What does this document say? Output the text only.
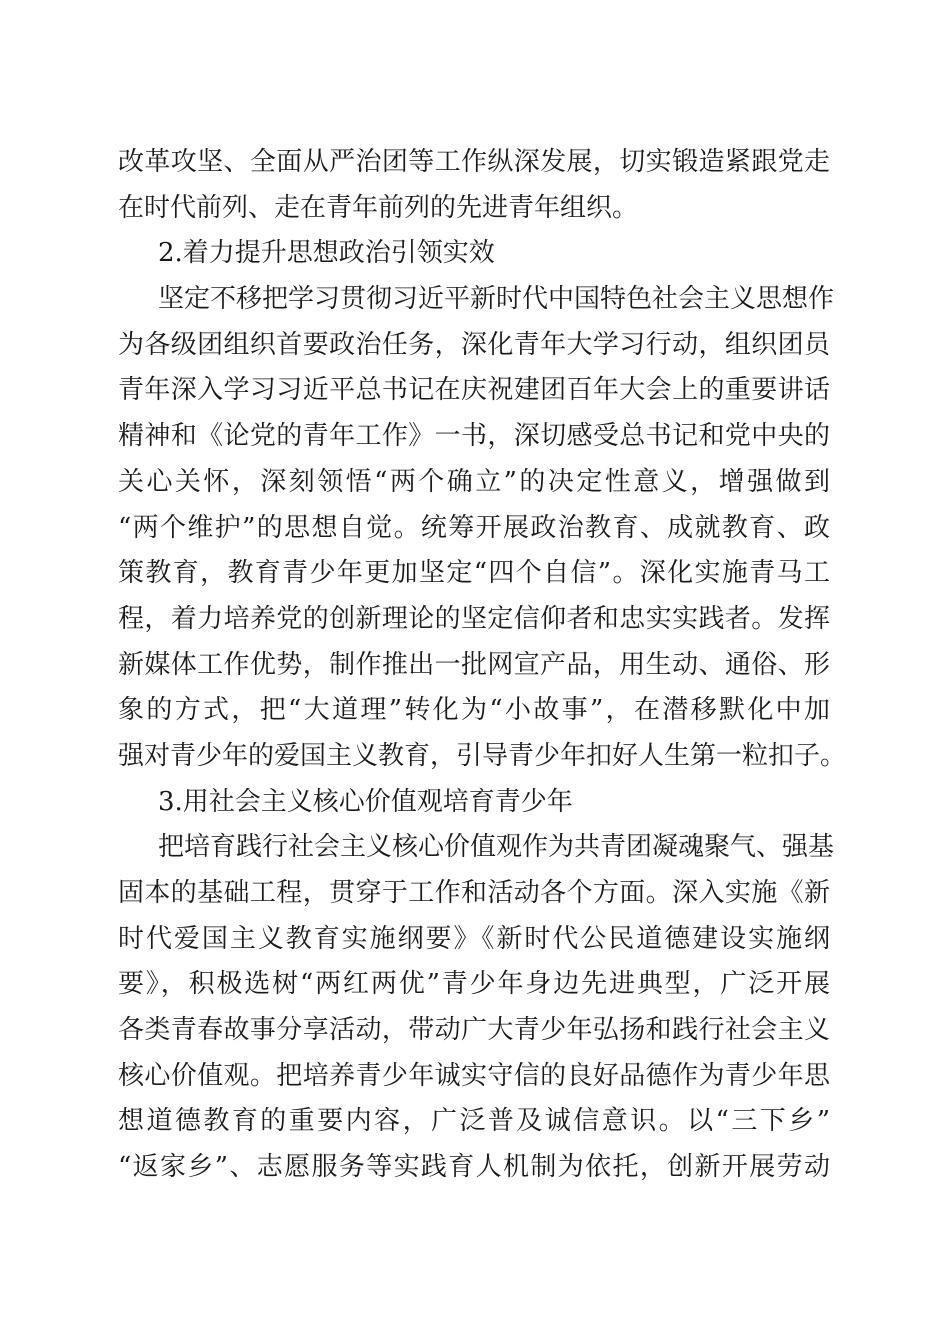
改革攻坚、全面从严治团等工作纵深发展，切实锻造紧跟党走
在时代前列、走在青年前列的先进青年组织。
2.着力提升思想政治引领实效
坚定不移把学习贯彻习近平新时代中国特色社会主义思想作
为各级团组织首要政治任务，深化青年大学习行动，组织团员
青年深入学习习近平总书记在庆祝建团百年大会上的重要讲话
精神和《论党的青年工作》一书，深切感受总书记和党中央的
关心关怀，深刻领悟“两个确立”的决定性意义，增强做到
“两个维护”的思想自觉。统筹开展政治教育、成就教育、政
策教育，教育青少年更加坚定“四个自信”。深化实施青马工
程，着力培养党的创新理论的坚定信仰者和忠实实践者。发挥
新媒体工作优势，制作推出一批网宣产品，用生动、通俗、形
象的方式，把“大道理”转化为“小故事”，在潜移默化中加
强对青少年的爱国主义教育，引导青少年扣好人生第一粒扣子。
3.用社会主义核心价值观培育青少年
把培育践行社会主义核心价值观作为共青团凝魂聚气、强基
固本的基础工程，贯穿于工作和活动各个方面。深入实施《新
时代爱国主义教育实施纲要》《新时代公民道德建设实施纲
要》，积极选树“两红两优”青少年身边先进典型，广泛开展
各类青春故事分享活动，带动广大青少年弘扬和践行社会主义
核心价值观。把培养青少年诚实守信的良好品德作为青少年思
想道德教育的重要内容，广泛普及诚信意识。以“三下乡”
“返家乡”、志愿服务等实践育人机制为依托，创新开展劳动
